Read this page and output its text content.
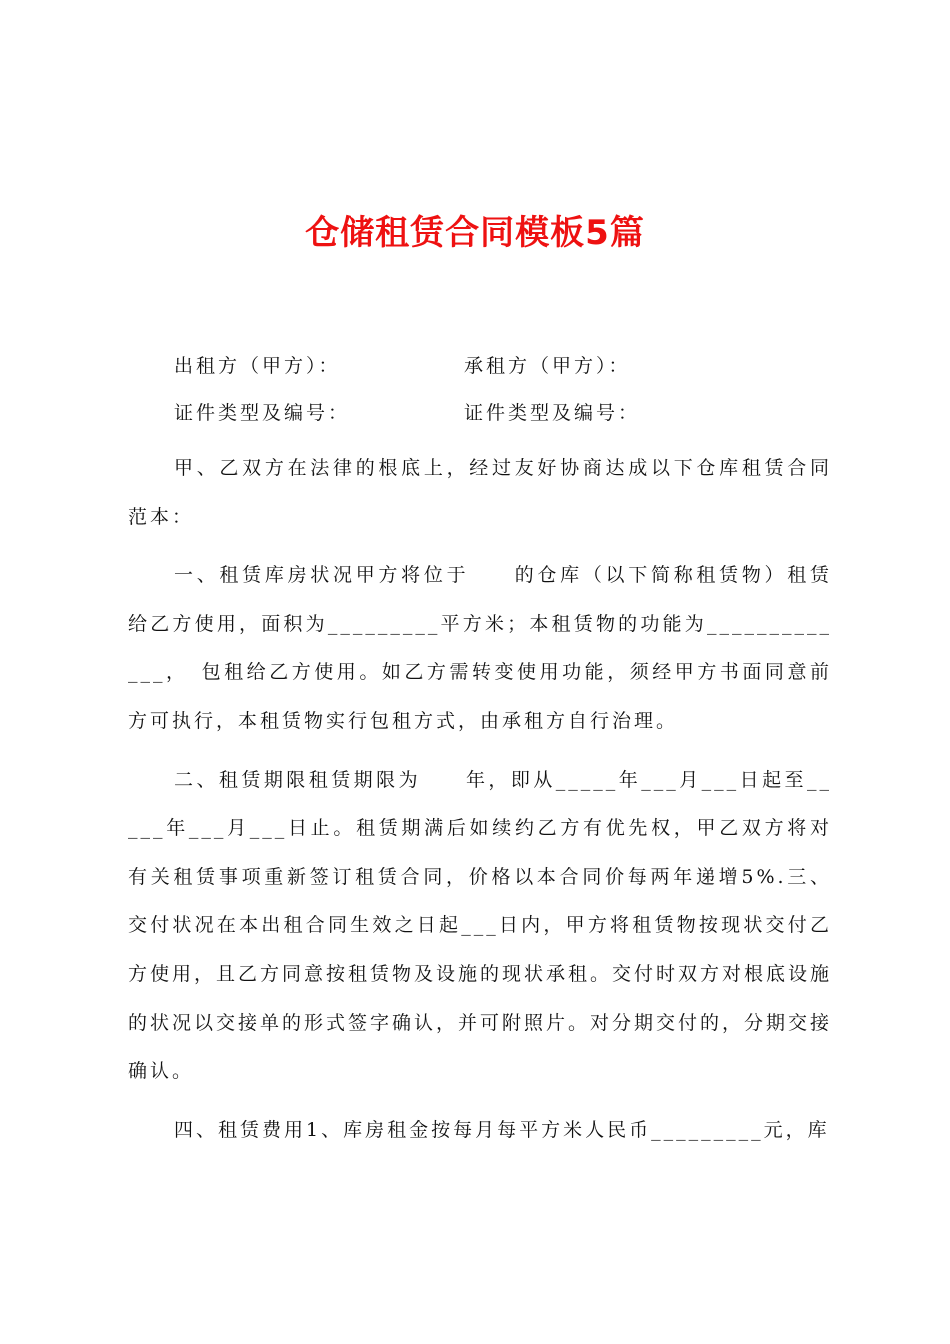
仓储租赁合同模板5篇
出租方（甲方）：	承租方（甲方）：
证件类型及编号：	证件类型及编号：

甲、乙双方在法律的根底上，经过友好协商达成以下仓库租赁合同范本：

一、租赁库房状况甲方将位于　　的仓库（以下简称租赁物）租赁给乙方使用，面积为_________平方米；本租赁物的功能为_____________，　包租给乙方使用。如乙方需转变使用功能，须经甲方书面同意前方可执行，本租赁物实行包租方式，由承租方自行治理。

二、租赁期限租赁期限为　　年，即从_____年___月___日起至_____年___月___日止。租赁期满后如续约乙方有优先权，甲乙双方将对有关租赁事项重新签订租赁合同，价格以本合同价每两年递增5%.三、交付状况在本出租合同生效之日起___日内，甲方将租赁物按现状交付乙方使用，且乙方同意按租赁物及设施的现状承租。交付时双方对根底设施的状况以交接单的形式签字确认，并可附照片。对分期交付的，分期交接确认。

四、租赁费用1、库房租金按每月每平方米人民币_________元，库
